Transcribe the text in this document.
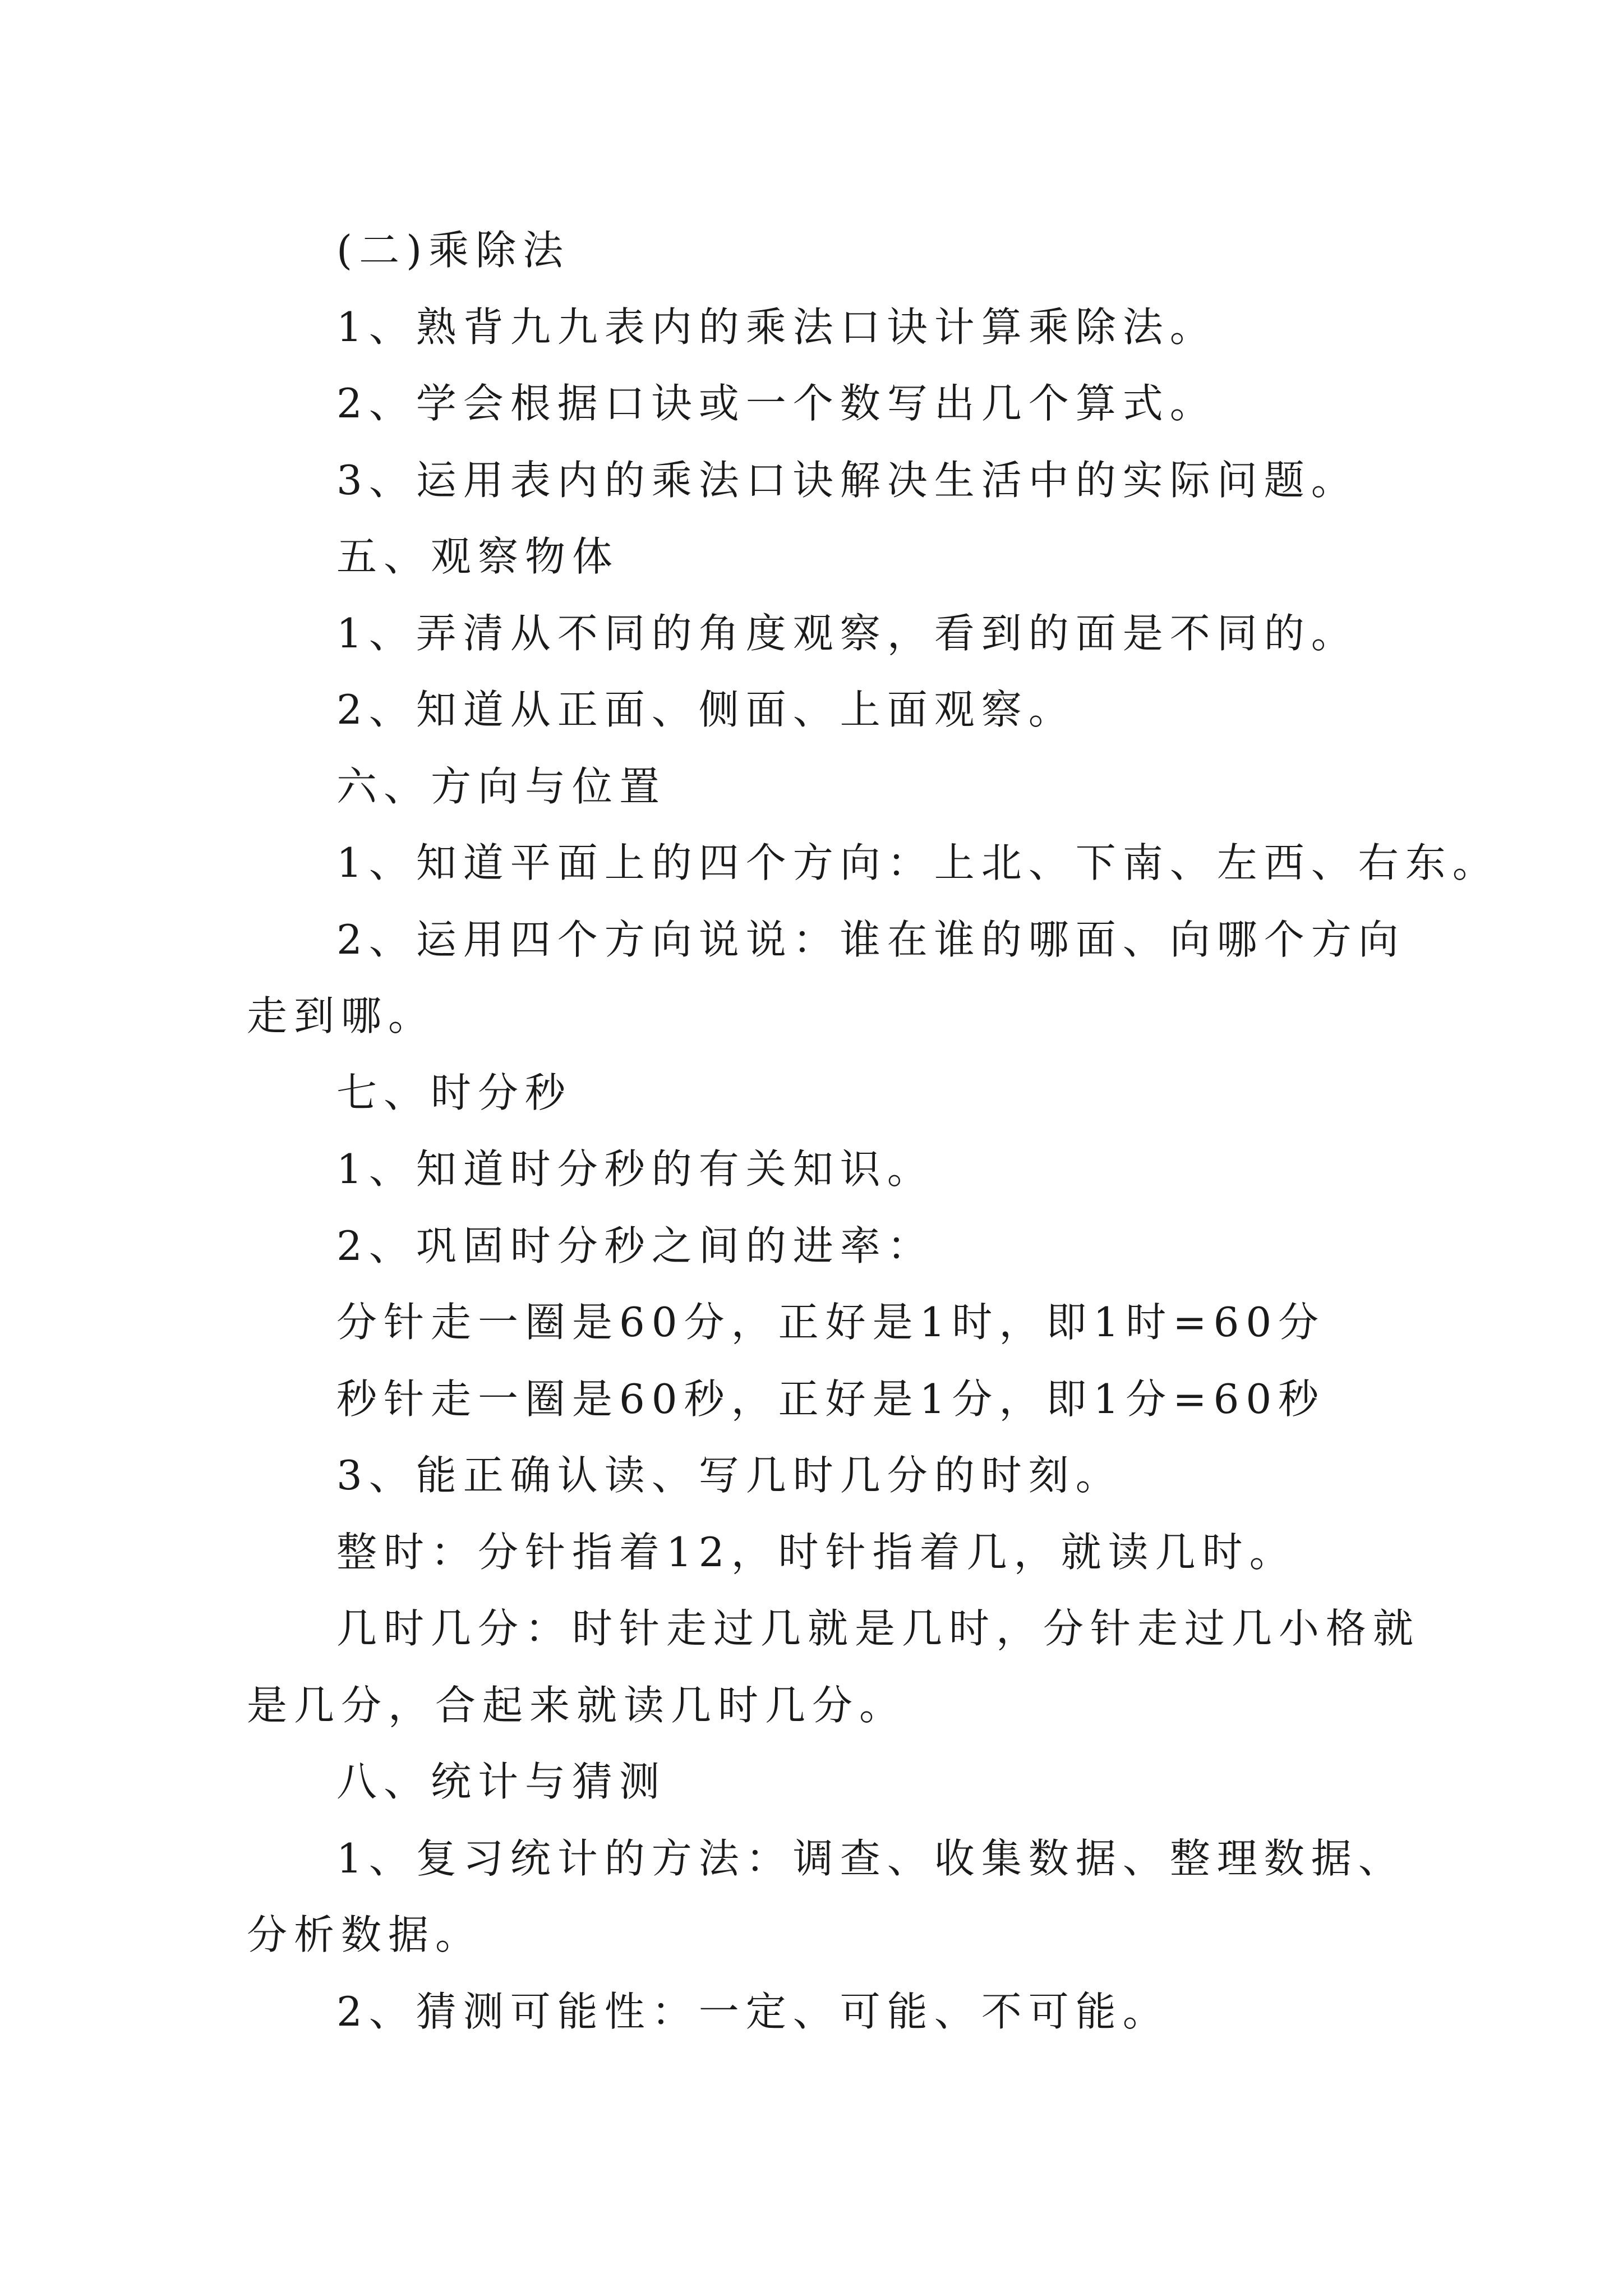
(二)乘除法

1、熟背九九表内的乘法口诀计算乘除法。

2、学会根据口诀或一个数写出几个算式。

3、运用表内的乘法口诀解决生活中的实际问题。

五、观察物体

1、弄清从不同的角度观察，看到的面是不同的。

2、知道从正面、侧面、上面观察。

六、方向与位置

1、知道平面上的四个方向：上北、下南、左西、右东。

2、运用四个方向说说：谁在谁的哪面、向哪个方向走到哪。

七、时分秒

1、知道时分秒的有关知识。

2、巩固时分秒之间的进率：

分针走一圈是60分，正好是1时，即1时=60分

秒针走一圈是60秒，正好是1分，即1分=60秒

3、能正确认读、写几时几分的时刻。

整时：分针指着12，时针指着几，就读几时。

几时几分：时针走过几就是几时，分针走过几小格就是几分，合起来就读几时几分。

八、统计与猜测

1、复习统计的方法：调查、收集数据、整理数据、分析数据。

2、猜测可能性：一定、可能、不可能。
